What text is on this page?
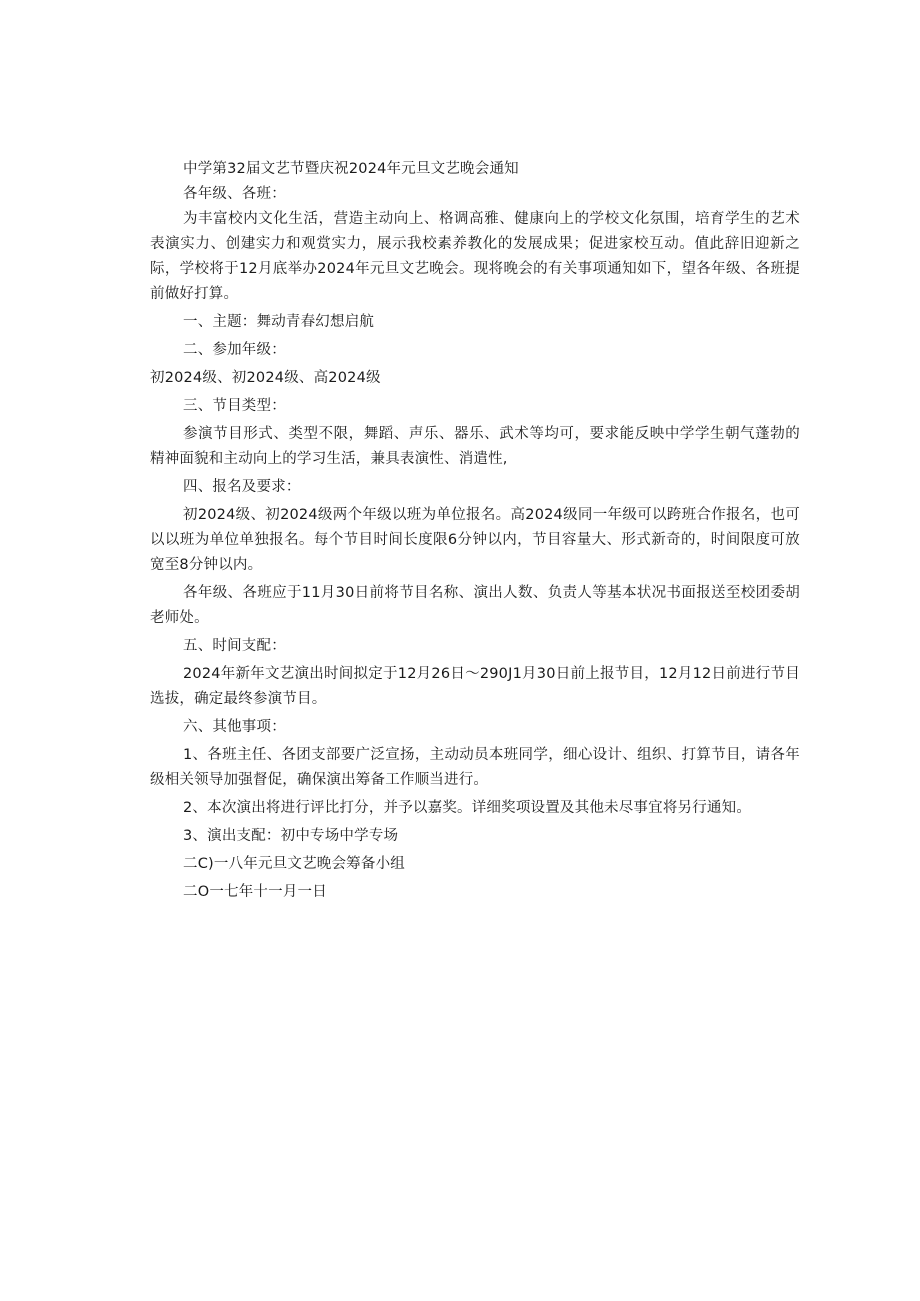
中学第32届文艺节暨庆祝2024年元旦文艺晚会通知

各年级、各班：

为丰富校内文化生活，营造主动向上、格调高雅、健康向上的学校文化氛围，培育学生的艺术表演实力、创建实力和观赏实力，展示我校素养教化的发展成果；促进家校互动。值此辞旧迎新之际，学校将于12月底举办2024年元旦文艺晚会。现将晚会的有关事项通知如下，望各年级、各班提前做好打算。

一、主题：舞动青春幻想启航

二、参加年级：

初2024级、初2024级、高2024级

三、节目类型：

参演节目形式、类型不限，舞蹈、声乐、器乐、武术等均可，要求能反映中学学生朝气蓬勃的精神面貌和主动向上的学习生活，兼具表演性、消遣性,

四、报名及要求：

初2024级、初2024级两个年级以班为单位报名。高2024级同一年级可以跨班合作报名，也可以以班为单位单独报名。每个节目时间长度限6分钟以内，节目容量大、形式新奇的，时间限度可放宽至8分钟以内。

各年级、各班应于11月30日前将节目名称、演出人数、负责人等基本状况书面报送至校团委胡老师处。

五、时间支配：

2024年新年文艺演出时间拟定于12月26日～290J1月30日前上报节目，12月12日前进行节目选拔，确定最终参演节目。

六、其他事项：

1、各班主任、各团支部要广泛宣扬，主动动员本班同学，细心设计、组织、打算节目，请各年级相关领导加强督促，确保演出筹备工作顺当进行。

2、本次演出将进行评比打分，并予以嘉奖。详细奖项设置及其他未尽事宜将另行通知。

3、演出支配：初中专场中学专场

二C)一八年元旦文艺晚会筹备小组

二O一七年十一月一日
